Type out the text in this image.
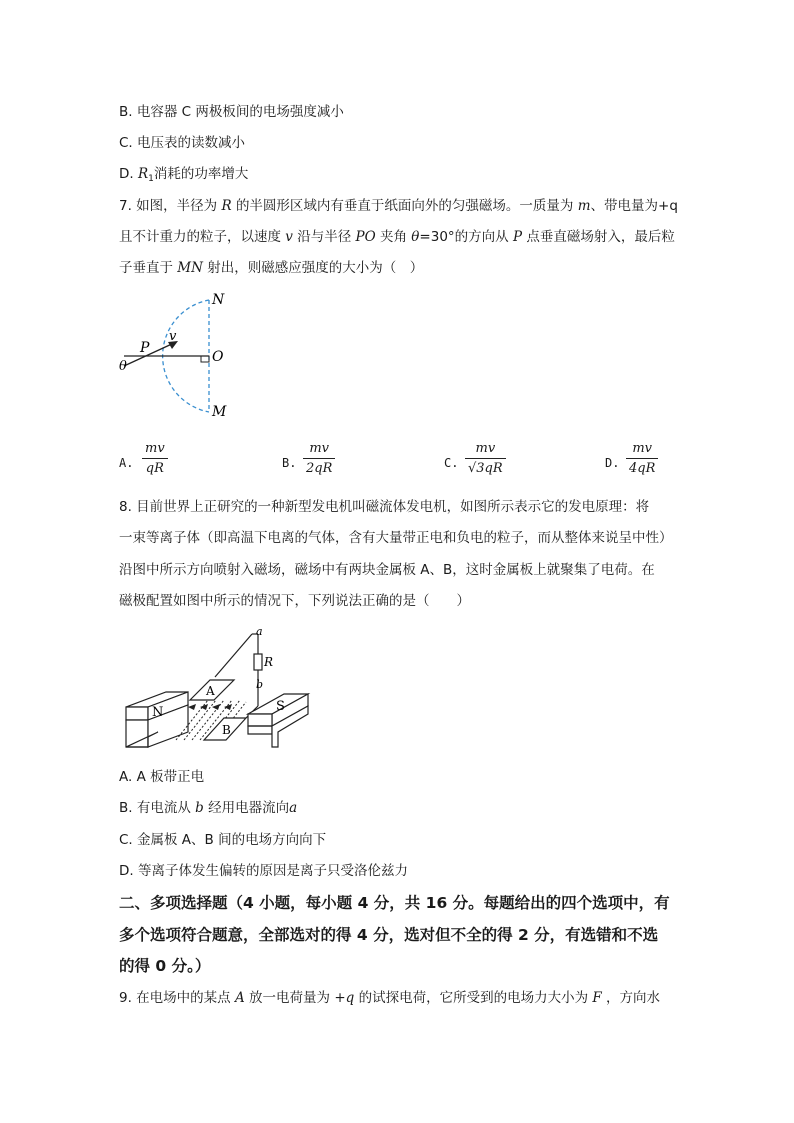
B. 电容器 C 两极板间的电场强度减小
C. 电压表的读数减小
D. $R_1$消耗的功率增大
7. 如图，半径为 R 的半圆形区域内有垂直于纸面向外的匀强磁场。一质量为 m、带电量为+q
且不计重力的粒子，以速度 v 沿与半径 PO 夹角 θ=30°的方向从 P 点垂直磁场射入，最后粒
子垂直于 MN 射出，则磁感应强度的大小为（　）
N
P
v
O
θ
M
A.
mv
qR	B.
mv
2qR	C.
mv
√3qR	D.
mv
4qR
8. 目前世界上正研究的一种新型发电机叫磁流体发电机，如图所示表示它的发电原理：将
一束等离子体（即高温下电离的气体，含有大量带正电和负电的粒子，而从整体来说呈中性）
沿图中所示方向喷射入磁场，磁场中有两块金属板 A、B，这时金属板上就聚集了电荷。在
磁极配置如图中所示的情况下，下列说法正确的是（　　）
a
R
b
N
A
B
S
A. A 板带正电
B. 有电流从 b 经用电器流向a
C. 金属板 A、B 间的电场方向向下
D. 等离子体发生偏转的原因是离子只受洛伦兹力
二、多项选择题（4 小题，每小题 4 分，共 16 分。每题给出的四个选项中，有
多个选项符合题意，全部选对的得 4 分，选对但不全的得 2 分，有选错和不选
的得 0 分。）
9. 在电场中的某点 A 放一电荷量为 +q 的试探电荷，它所受到的电场力大小为 F ，方向水
